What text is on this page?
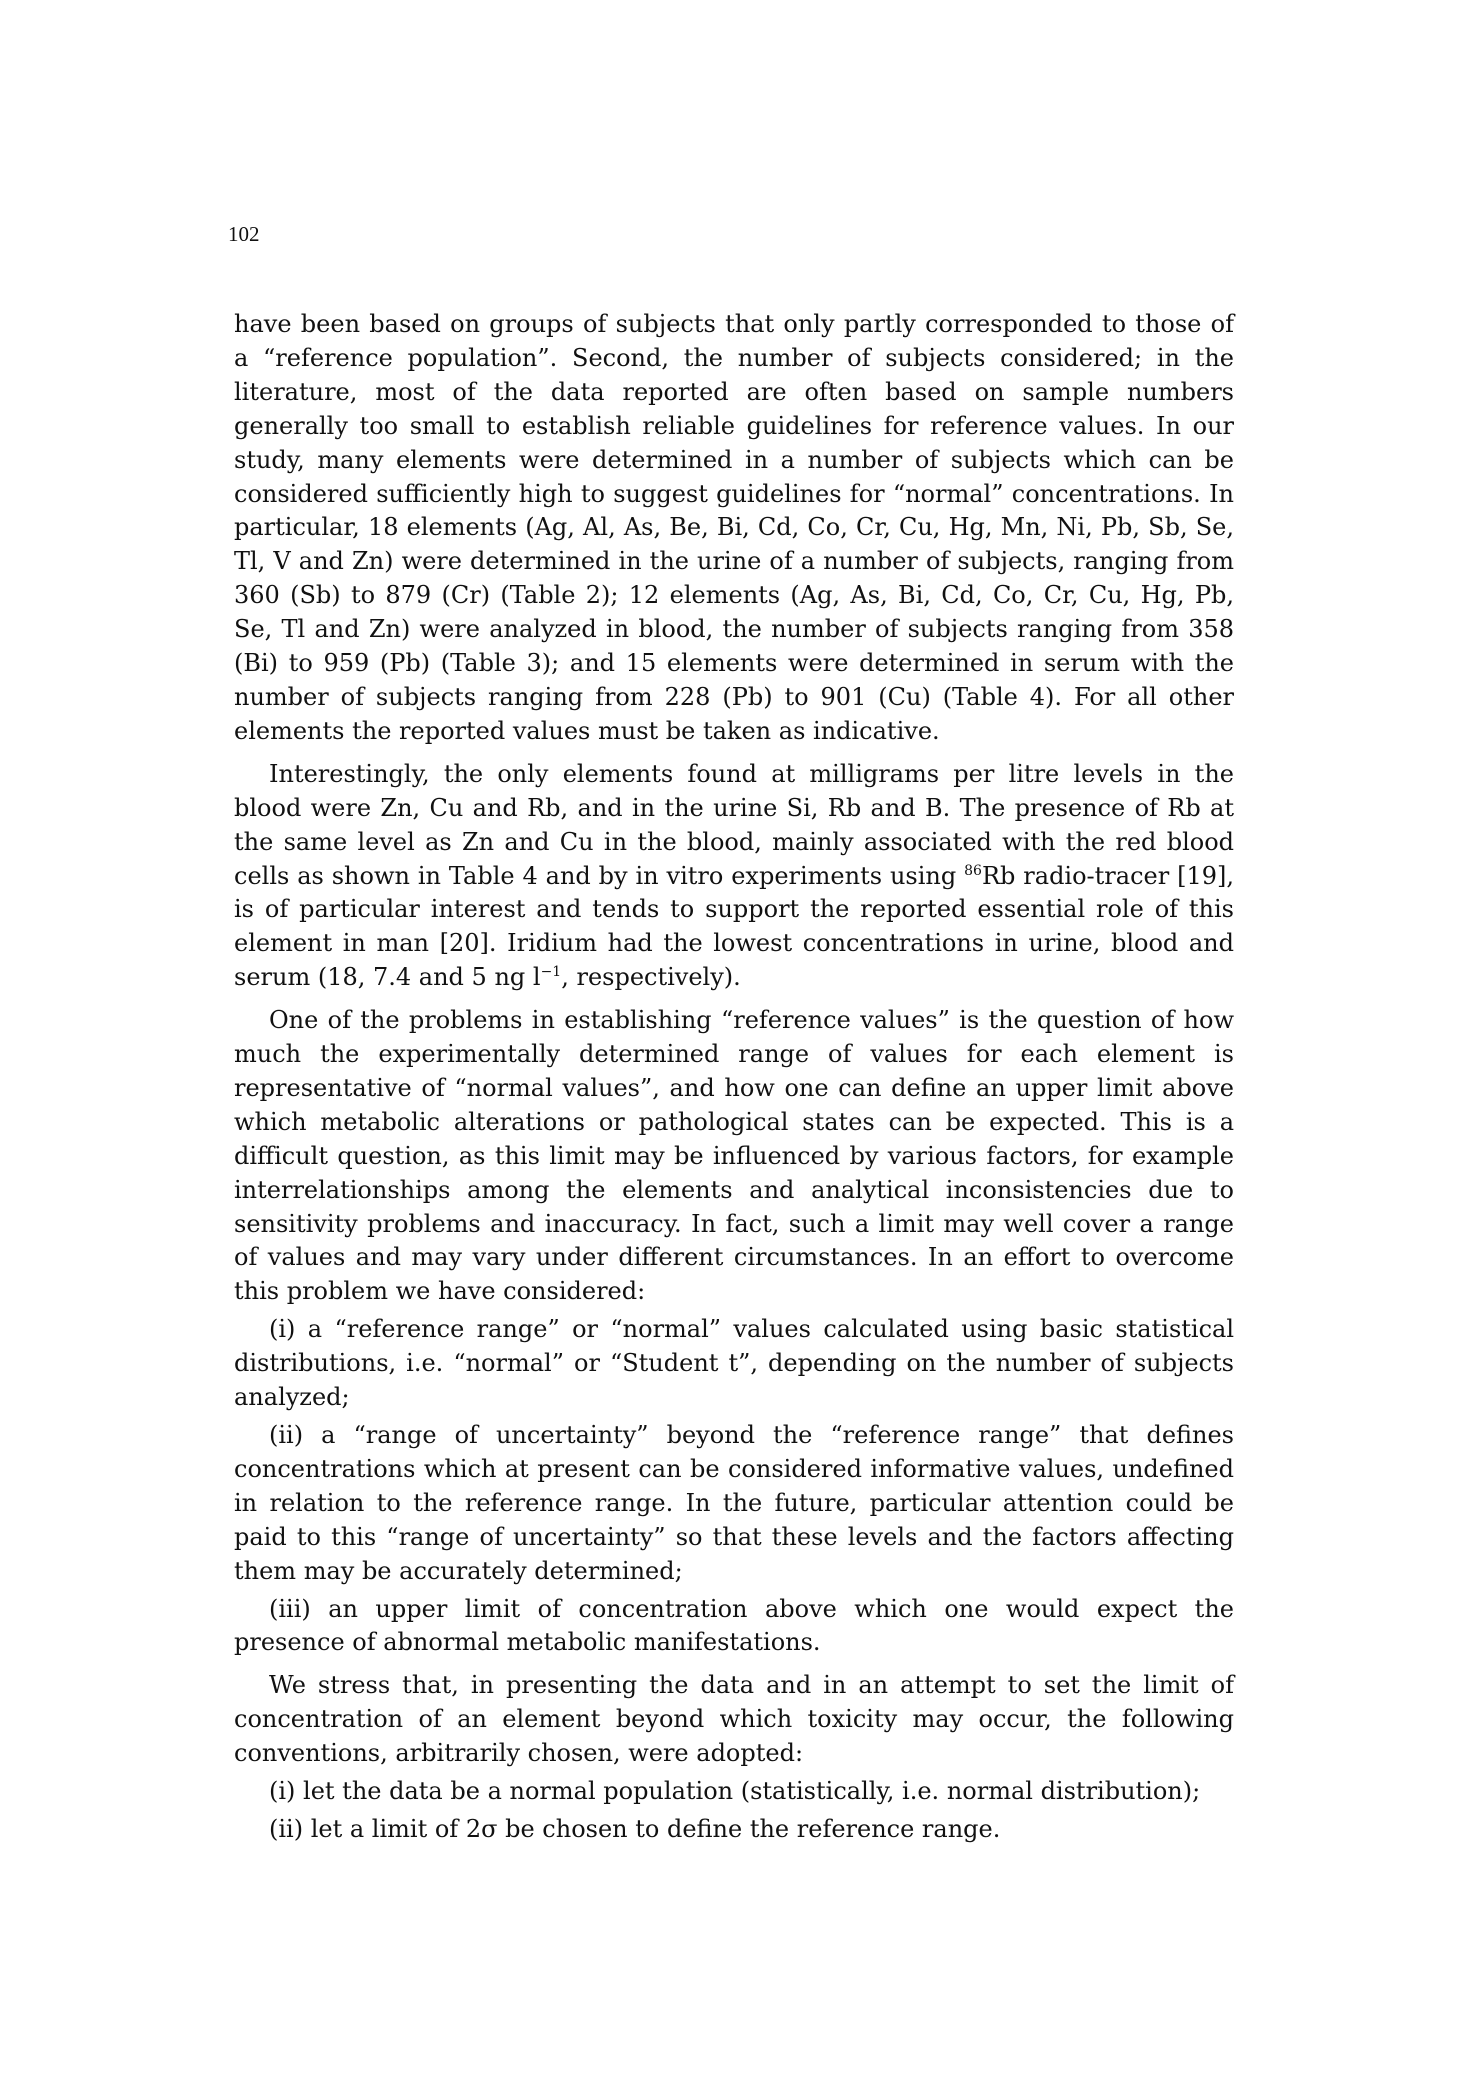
102

have been based on groups of subjects that only partly corresponded to those of a “reference population”. Second, the number of subjects considered; in the literature, most of the data reported are often based on sample numbers generally too small to establish reliable guidelines for reference values. In our study, many elements were determined in a number of subjects which can be considered sufficiently high to suggest guidelines for “normal” concentrations. In particular, 18 elements (Ag, Al, As, Be, Bi, Cd, Co, Cr, Cu, Hg, Mn, Ni, Pb, Sb, Se, Tl, V and Zn) were determined in the urine of a number of subjects, ranging from 360 (Sb) to 879 (Cr) (Table 2); 12 elements (Ag, As, Bi, Cd, Co, Cr, Cu, Hg, Pb, Se, Tl and Zn) were analyzed in blood, the number of subjects ranging from 358 (Bi) to 959 (Pb) (Table 3); and 15 elements were determined in serum with the number of subjects ranging from 228 (Pb) to 901 (Cu) (Table 4). For all other elements the reported values must be taken as indicative.

Interestingly, the only elements found at milligrams per litre levels in the blood were Zn, Cu and Rb, and in the urine Si, Rb and B. The presence of Rb at the same level as Zn and Cu in the blood, mainly associated with the red blood cells as shown in Table 4 and by in vitro experiments using $^{86}$Rb radio-tracer [19], is of particular interest and tends to support the reported essential role of this element in man [20]. Iridium had the lowest concentrations in urine, blood and serum (18, 7.4 and 5 ng $l^{-1}$, respectively).

One of the problems in establishing “reference values” is the question of how much the experimentally determined range of values for each element is representative of “normal values”, and how one can define an upper limit above which metabolic alterations or pathological states can be expected. This is a difficult question, as this limit may be influenced by various factors, for example interrelationships among the elements and analytical inconsistencies due to sensitivity problems and inaccuracy. In fact, such a limit may well cover a range of values and may vary under different circumstances. In an effort to overcome this problem we have considered:

(i) a “reference range” or “normal” values calculated using basic statistical distributions, i.e. “normal” or “Student t”, depending on the number of subjects analyzed;

(ii) a “range of uncertainty” beyond the “reference range” that defines concentrations which at present can be considered informative values, undefined in relation to the reference range. In the future, particular attention could be paid to this “range of uncertainty” so that these levels and the factors affecting them may be accurately determined;

(iii) an upper limit of concentration above which one would expect the presence of abnormal metabolic manifestations.

We stress that, in presenting the data and in an attempt to set the limit of concentration of an element beyond which toxicity may occur, the following conventions, arbitrarily chosen, were adopted:

(i) let the data be a normal population (statistically, i.e. normal distribution);

(ii) let a limit of 2σ be chosen to define the reference range.
